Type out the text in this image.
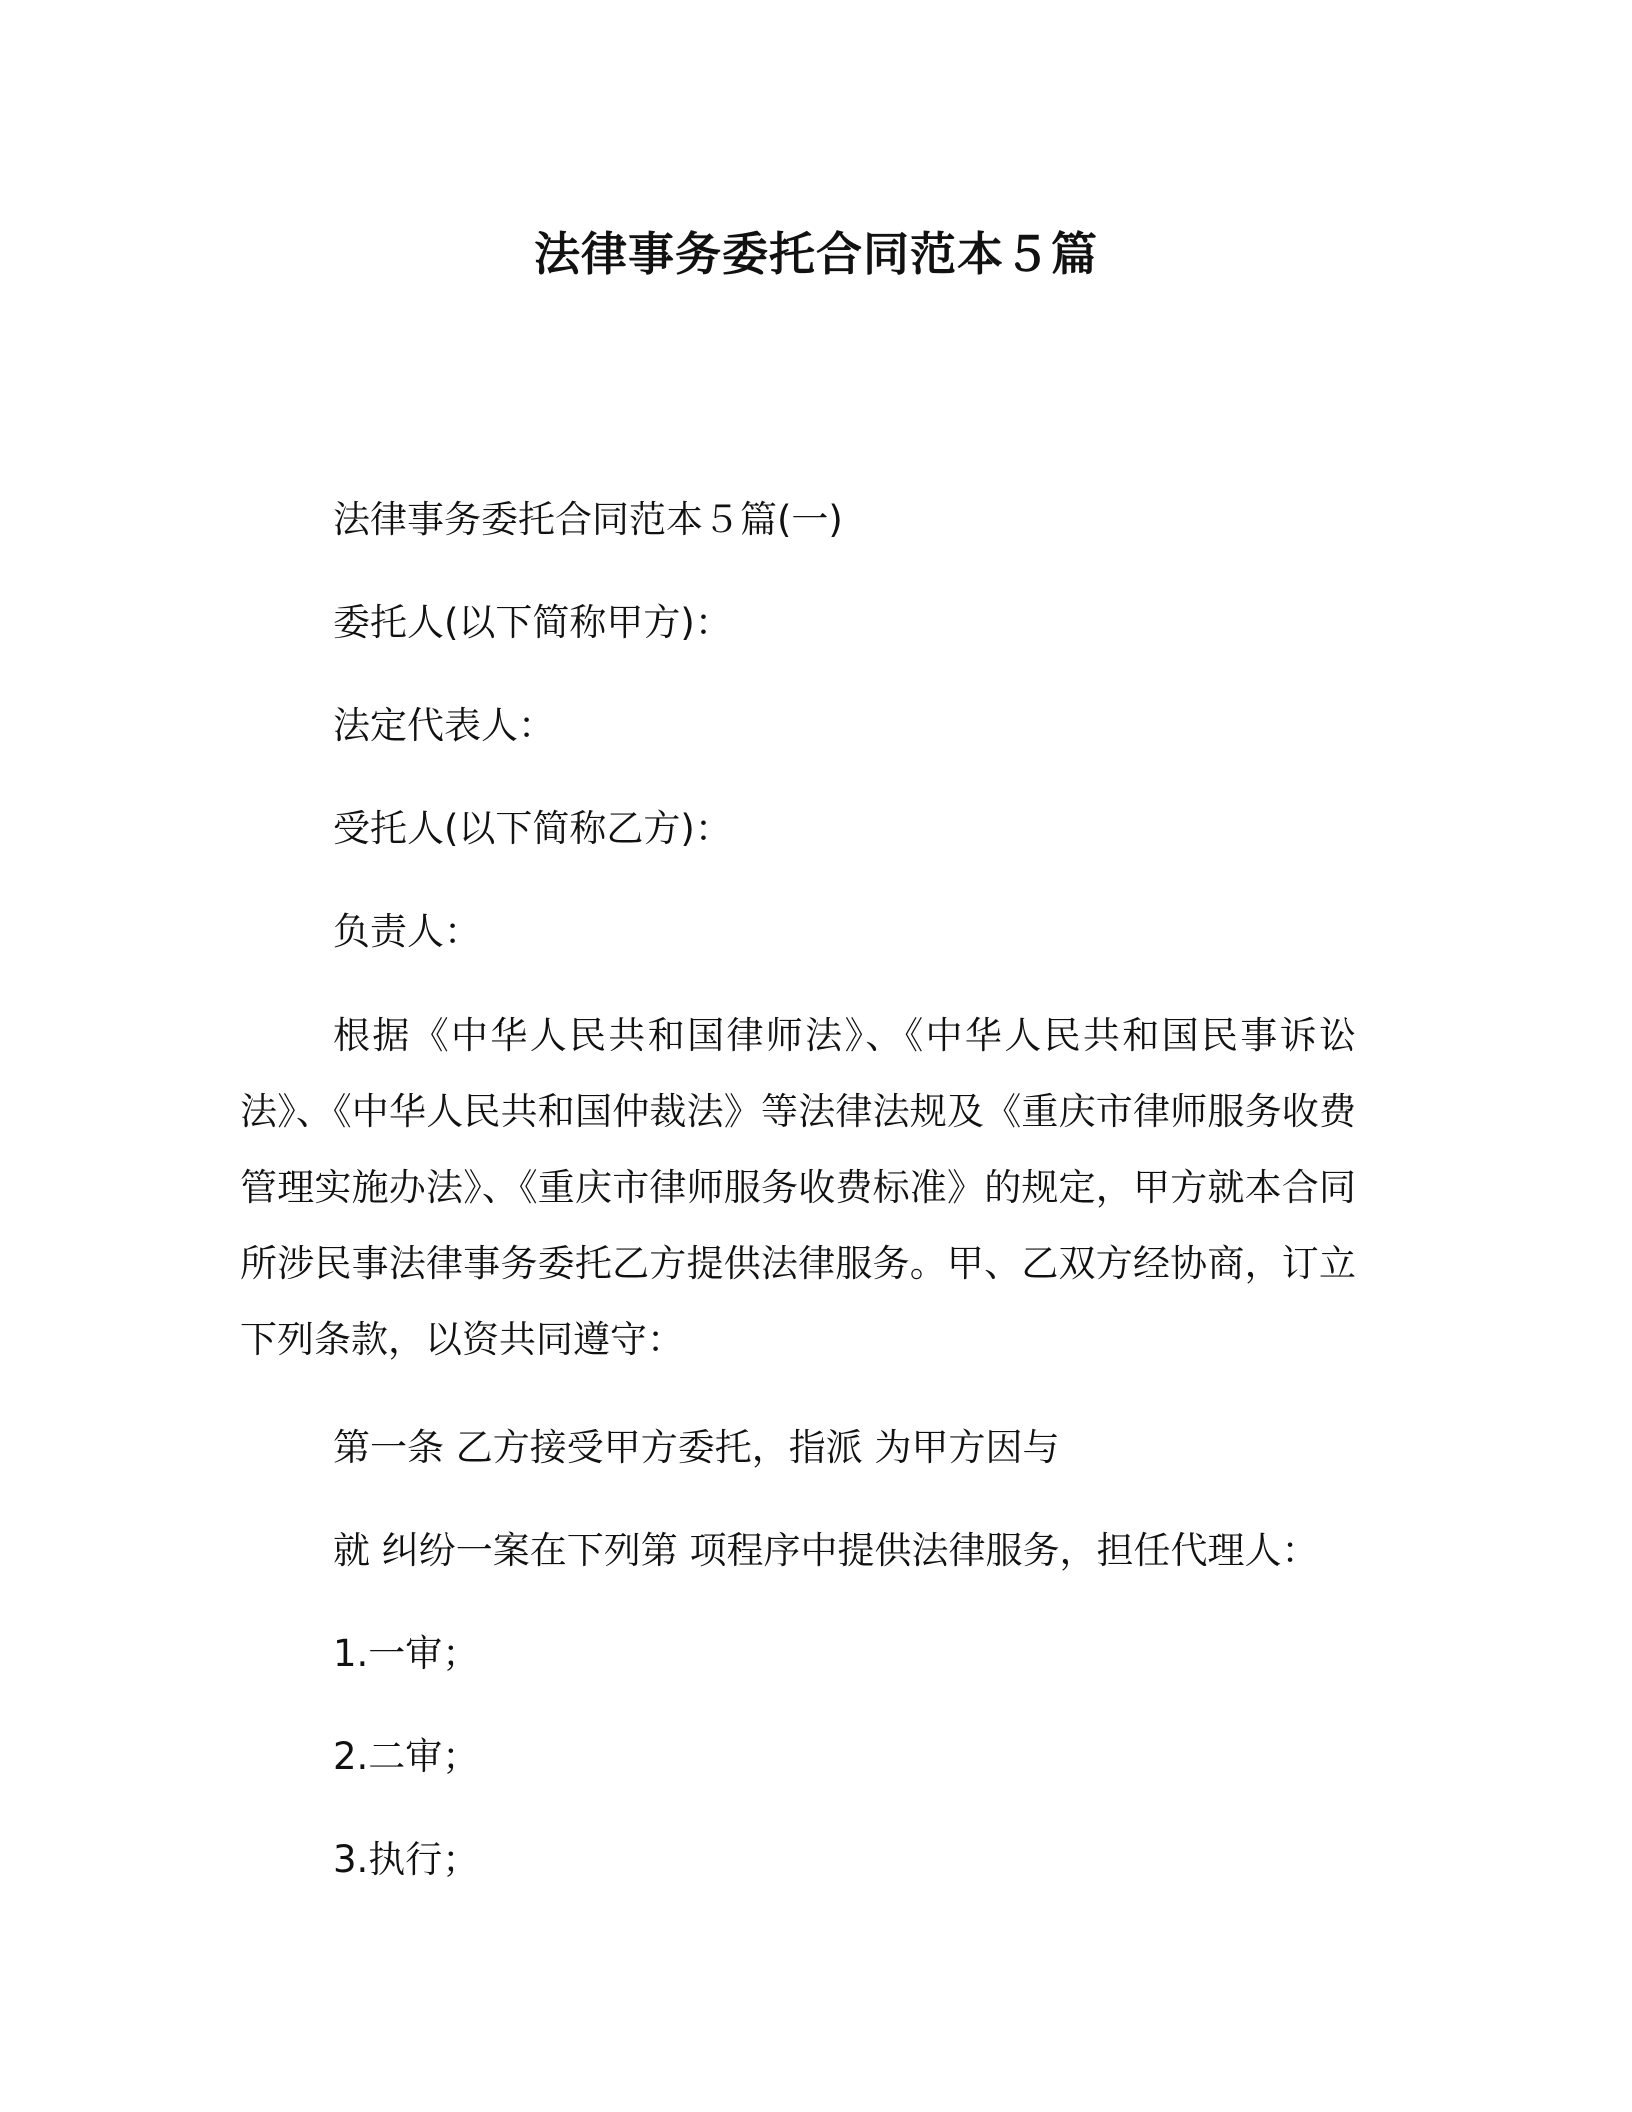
法律事务委托合同范本５篇

法律事务委托合同范本５篇(一)

委托人(以下简称甲方)：

法定代表人：

受托人(以下简称乙方)：

负责人：

根据《中华人民共和国律师法》、《中华人民共和国民事诉讼法》、《中华人民共和国仲裁法》等法律法规及《重庆市律师服务收费管理实施办法》、《重庆市律师服务收费标准》的规定，甲方就本合同所涉民事法律事务委托乙方提供法律服务。甲、乙双方经协商，订立下列条款，以资共同遵守：

第一条 乙方接受甲方委托，指派 为甲方因与

就 纠纷一案在下列第 项程序中提供法律服务，担任代理人：

1.一审；

2.二审；

3.执行；
